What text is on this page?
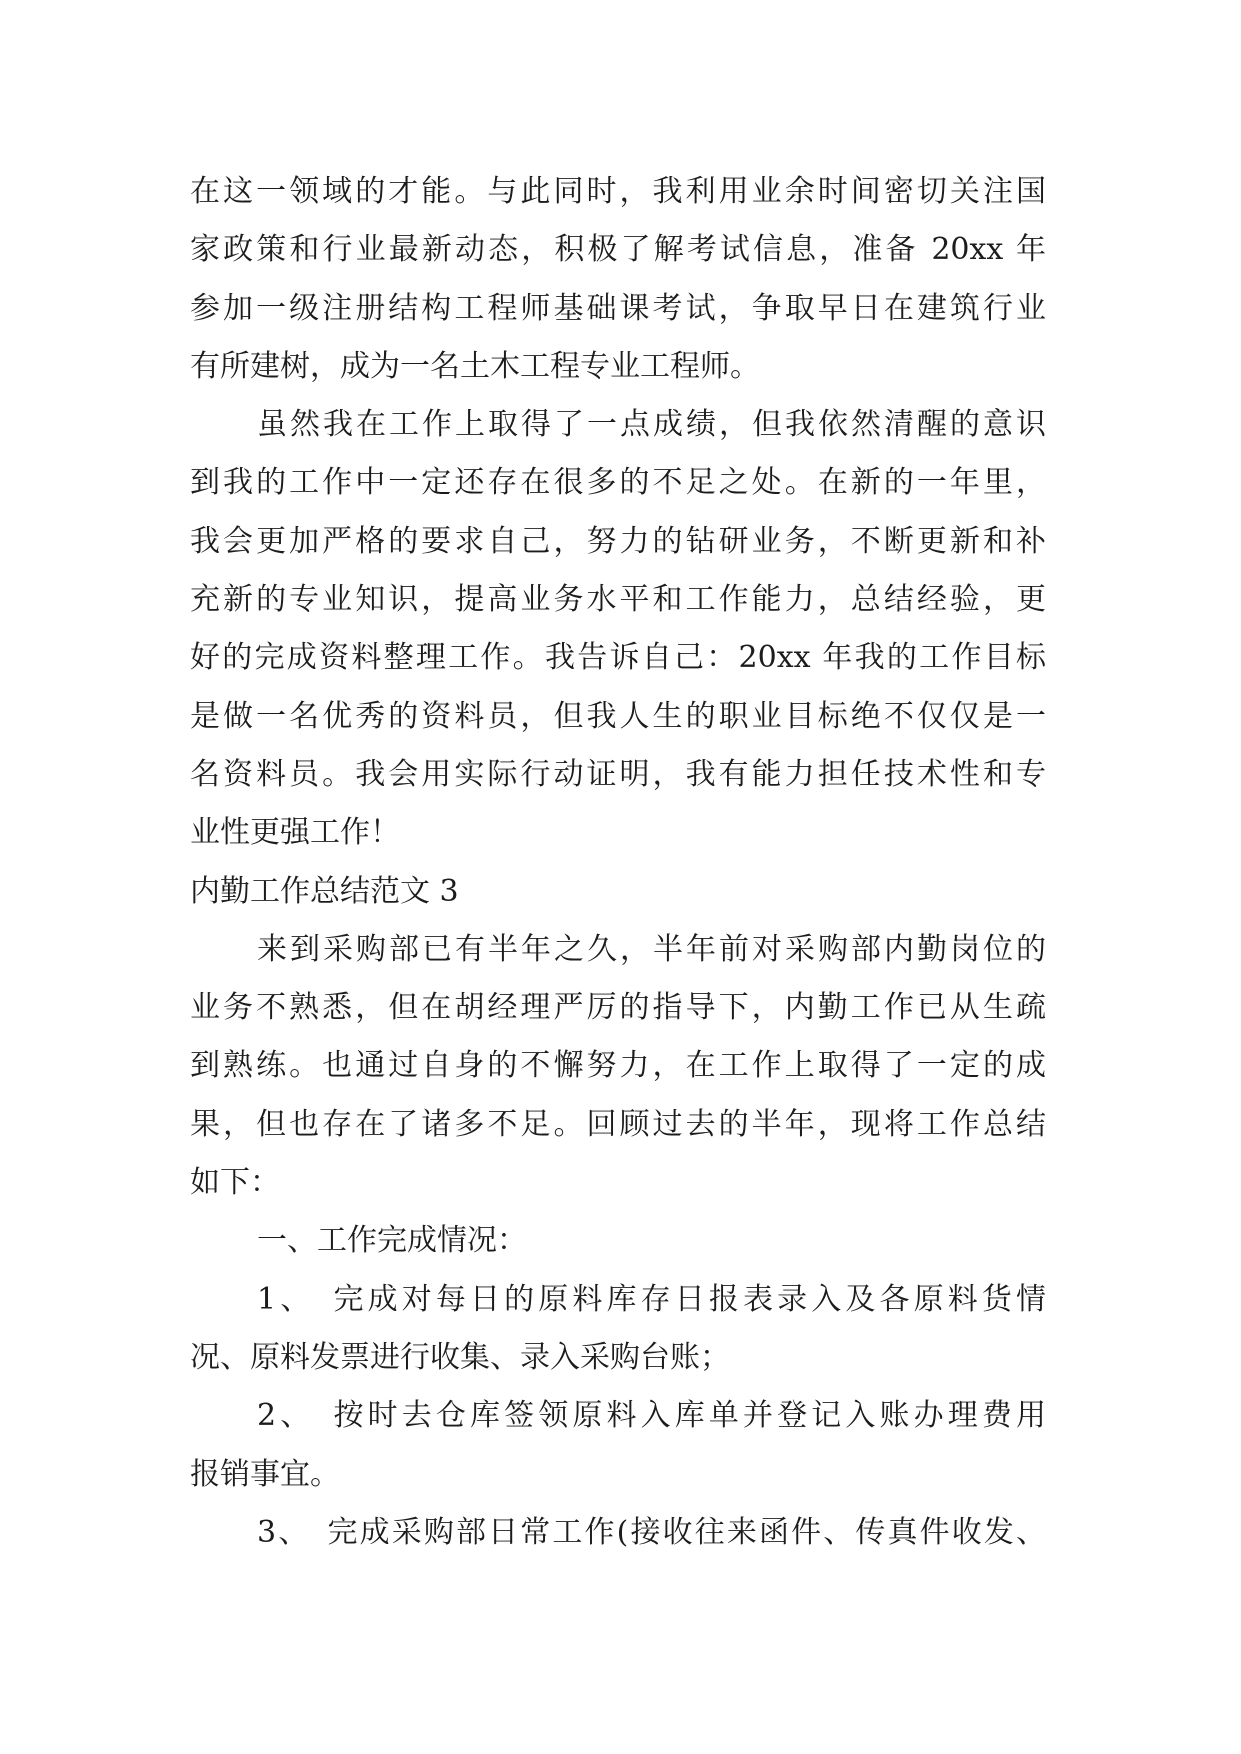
在这一领域的才能。与此同时，我利用业余时间密切关注国
家政策和行业最新动态，积极了解考试信息，准备 20xx 年
参加一级注册结构工程师基础课考试，争取早日在建筑行业
有所建树，成为一名土木工程专业工程师。
虽然我在工作上取得了一点成绩，但我依然清醒的意识
到我的工作中一定还存在很多的不足之处。在新的一年里，
我会更加严格的要求自己，努力的钻研业务，不断更新和补
充新的专业知识，提高业务水平和工作能力，总结经验，更
好的完成资料整理工作。我告诉自己：20xx 年我的工作目标
是做一名优秀的资料员，但我人生的职业目标绝不仅仅是一
名资料员。我会用实际行动证明，我有能力担任技术性和专
业性更强工作！
内勤工作总结范文 3
来到采购部已有半年之久，半年前对采购部内勤岗位的
业务不熟悉，但在胡经理严厉的指导下，内勤工作已从生疏
到熟练。也通过自身的不懈努力，在工作上取得了一定的成
果，但也存在了诸多不足。回顾过去的半年，现将工作总结
如下：
一、工作完成情况：
1、　完成对每日的原料库存日报表录入及各原料货情
况、原料发票进行收集、录入采购台账；
2、　按时去仓库签领原料入库单并登记入账办理费用
报销事宜。
3、　完成采购部日常工作(接收往来函件、传真件收发、
